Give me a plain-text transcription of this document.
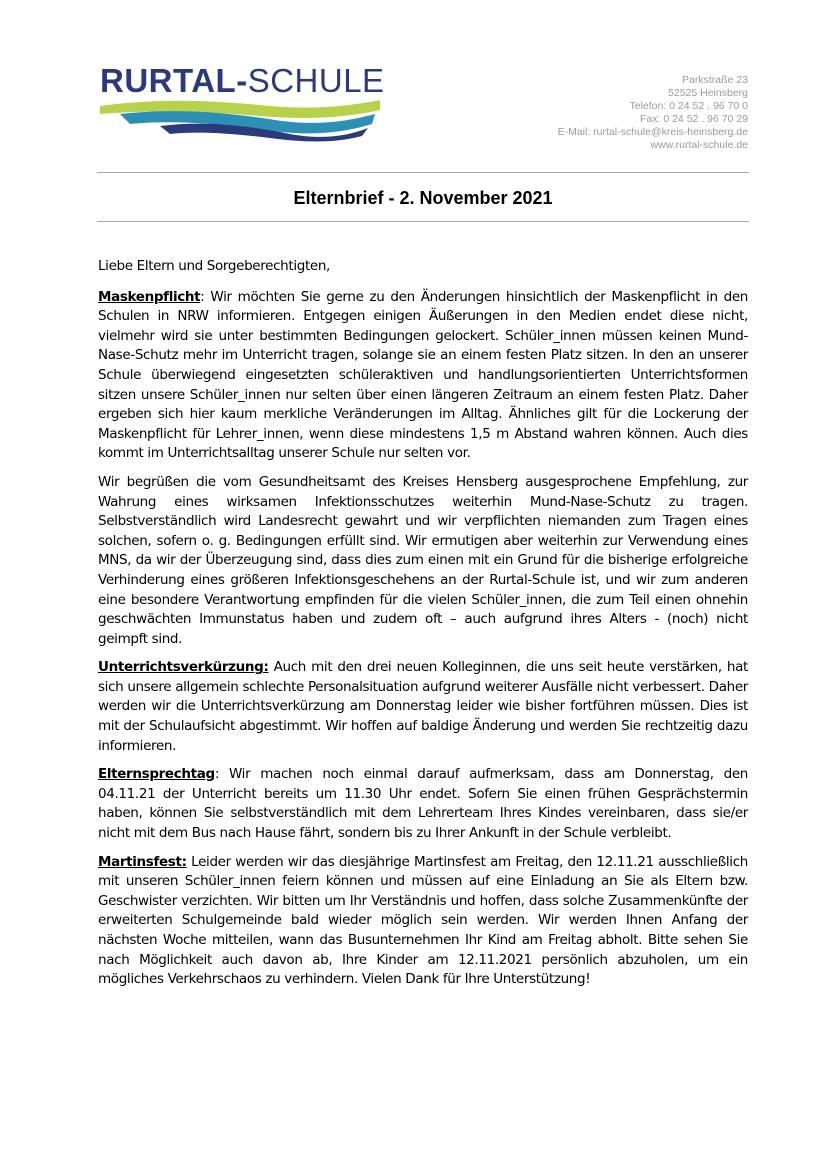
RURTAL-SCHULE	Parkstraße 23
52525 Heinsberg
Telefon: 0 24 52 . 96 70 0
Fax: 0 24 52 . 96 70 29
E-Mail: rurtal-schule@kreis-heinsberg.de
www.rurtal-schule.de
Elternbrief - 2. November 2021

Liebe Eltern und Sorgeberechtigten,

Maskenpflicht: Wir möchten Sie gerne zu den Änderungen hinsichtlich der Maskenpflicht in den Schulen in NRW informieren. Entgegen einigen Äußerungen in den Medien endet diese nicht, vielmehr wird sie unter bestimmten Bedingungen gelockert. Schüler_innen müssen keinen Mund-Nase-Schutz mehr im Unterricht tragen, solange sie an einem festen Platz sitzen. In den an unserer Schule überwiegend eingesetzten schüleraktiven und handlungsorientierten Unterrichtsformen sitzen unsere Schüler_innen nur selten über einen längeren Zeitraum an einem festen Platz. Daher ergeben sich hier kaum merkliche Veränderungen im Alltag. Ähnliches gilt für die Lockerung der Maskenpflicht für Lehrer_innen, wenn diese mindestens 1,5 m Abstand wahren können. Auch dies kommt im Unterrichtsalltag unserer Schule nur selten vor.

Wir begrüßen die vom Gesundheitsamt des Kreises Hensberg ausgesprochene Empfehlung, zur Wahrung eines wirksamen Infektionsschutzes weiterhin Mund-Nase-Schutz zu tragen. Selbstverständlich wird Landesrecht gewahrt und wir verpflichten niemanden zum Tragen eines solchen, sofern o. g. Bedingungen erfüllt sind. Wir ermutigen aber weiterhin zur Verwendung eines MNS, da wir der Überzeugung sind, dass dies zum einen mit ein Grund für die bisherige erfolgreiche Verhinderung eines größeren Infektionsgeschehens an der Rurtal-Schule ist, und wir zum anderen eine besondere Verantwortung empfinden für die vielen Schüler_innen, die zum Teil einen ohnehin geschwächten Immunstatus haben und zudem oft – auch aufgrund ihres Alters - (noch) nicht geimpft sind.

Unterrichtsverkürzung: Auch mit den drei neuen Kolleginnen, die uns seit heute verstärken, hat sich unsere allgemein schlechte Personalsituation aufgrund weiterer Ausfälle nicht verbessert. Daher werden wir die Unterrichtsverkürzung am Donnerstag leider wie bisher fortführen müssen. Dies ist mit der Schulaufsicht abgestimmt. Wir hoffen auf baldige Änderung und werden Sie rechtzeitig dazu informieren.

Elternsprechtag: Wir machen noch einmal darauf aufmerksam, dass am Donnerstag, den 04.11.21 der Unterricht bereits um 11.30 Uhr endet. Sofern Sie einen frühen Gesprächstermin haben, können Sie selbstverständlich mit dem Lehrerteam Ihres Kindes vereinbaren, dass sie/er nicht mit dem Bus nach Hause fährt, sondern bis zu Ihrer Ankunft in der Schule verbleibt.

Martinsfest: Leider werden wir das diesjährige Martinsfest am Freitag, den 12.11.21 ausschließlich mit unseren Schüler_innen feiern können und müssen auf eine Einladung an Sie als Eltern bzw. Geschwister verzichten. Wir bitten um Ihr Verständnis und hoffen, dass solche Zusammenkünfte der erweiterten Schulgemeinde bald wieder möglich sein werden. Wir werden Ihnen Anfang der nächsten Woche mitteilen, wann das Busunternehmen Ihr Kind am Freitag abholt. Bitte sehen Sie nach Möglichkeit auch davon ab, Ihre Kinder am 12.11.2021 persönlich abzuholen, um ein mögliches Verkehrschaos zu verhindern. Vielen Dank für Ihre Unterstützung!
